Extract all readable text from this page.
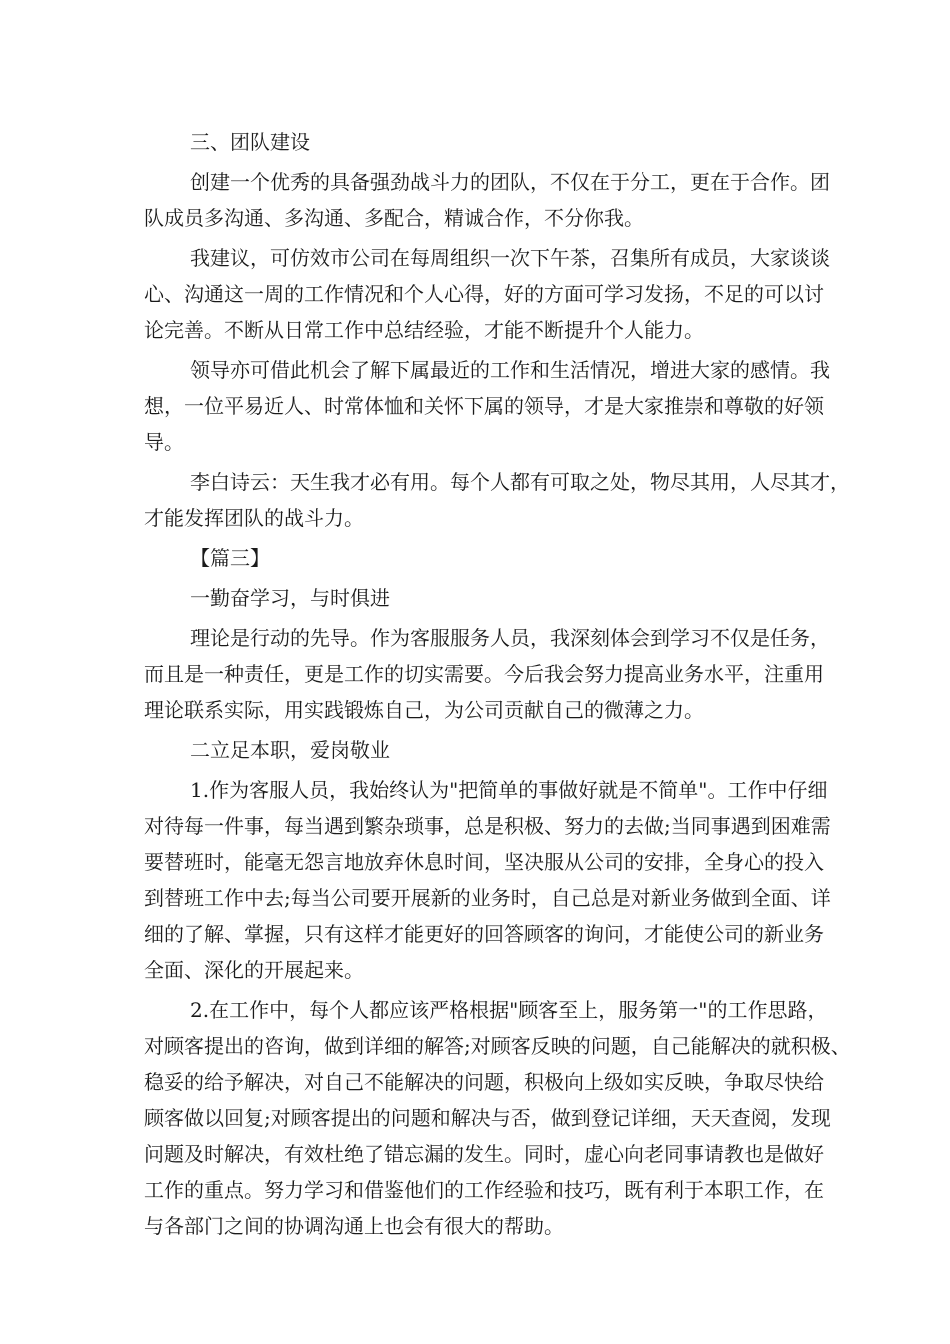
三、团队建设
创建一个优秀的具备强劲战斗力的团队，不仅在于分工，更在于合作。团
队成员多沟通、多沟通、多配合，精诚合作，不分你我。
我建议，可仿效市公司在每周组织一次下午茶，召集所有成员，大家谈谈
心、沟通这一周的工作情况和个人心得，好的方面可学习发扬，不足的可以讨
论完善。不断从日常工作中总结经验，才能不断提升个人能力。
领导亦可借此机会了解下属最近的工作和生活情况，增进大家的感情。我
想，一位平易近人、时常体恤和关怀下属的领导，才是大家推崇和尊敬的好领
导。
李白诗云：天生我才必有用。每个人都有可取之处，物尽其用，人尽其才，
才能发挥团队的战斗力。
【篇三】
一勤奋学习，与时俱进
理论是行动的先导。作为客服服务人员，我深刻体会到学习不仅是任务，
而且是一种责任，更是工作的切实需要。今后我会努力提高业务水平，注重用
理论联系实际，用实践锻炼自己，为公司贡献自己的微薄之力。
二立足本职，爱岗敬业
1.作为客服人员，我始终认为"把简单的事做好就是不简单"。工作中仔细
对待每一件事，每当遇到繁杂琐事，总是积极、努力的去做;当同事遇到困难需
要替班时，能毫无怨言地放弃休息时间，坚决服从公司的安排，全身心的投入
到替班工作中去;每当公司要开展新的业务时，自己总是对新业务做到全面、详
细的了解、掌握，只有这样才能更好的回答顾客的询问，才能使公司的新业务
全面、深化的开展起来。
2.在工作中，每个人都应该严格根据"顾客至上，服务第一"的工作思路，
对顾客提出的咨询，做到详细的解答;对顾客反映的问题，自己能解决的就积极、
稳妥的给予解决，对自己不能解决的问题，积极向上级如实反映，争取尽快给
顾客做以回复;对顾客提出的问题和解决与否，做到登记详细，天天查阅，发现
问题及时解决，有效杜绝了错忘漏的发生。同时，虚心向老同事请教也是做好
工作的重点。努力学习和借鉴他们的工作经验和技巧，既有利于本职工作，在
与各部门之间的协调沟通上也会有很大的帮助。
